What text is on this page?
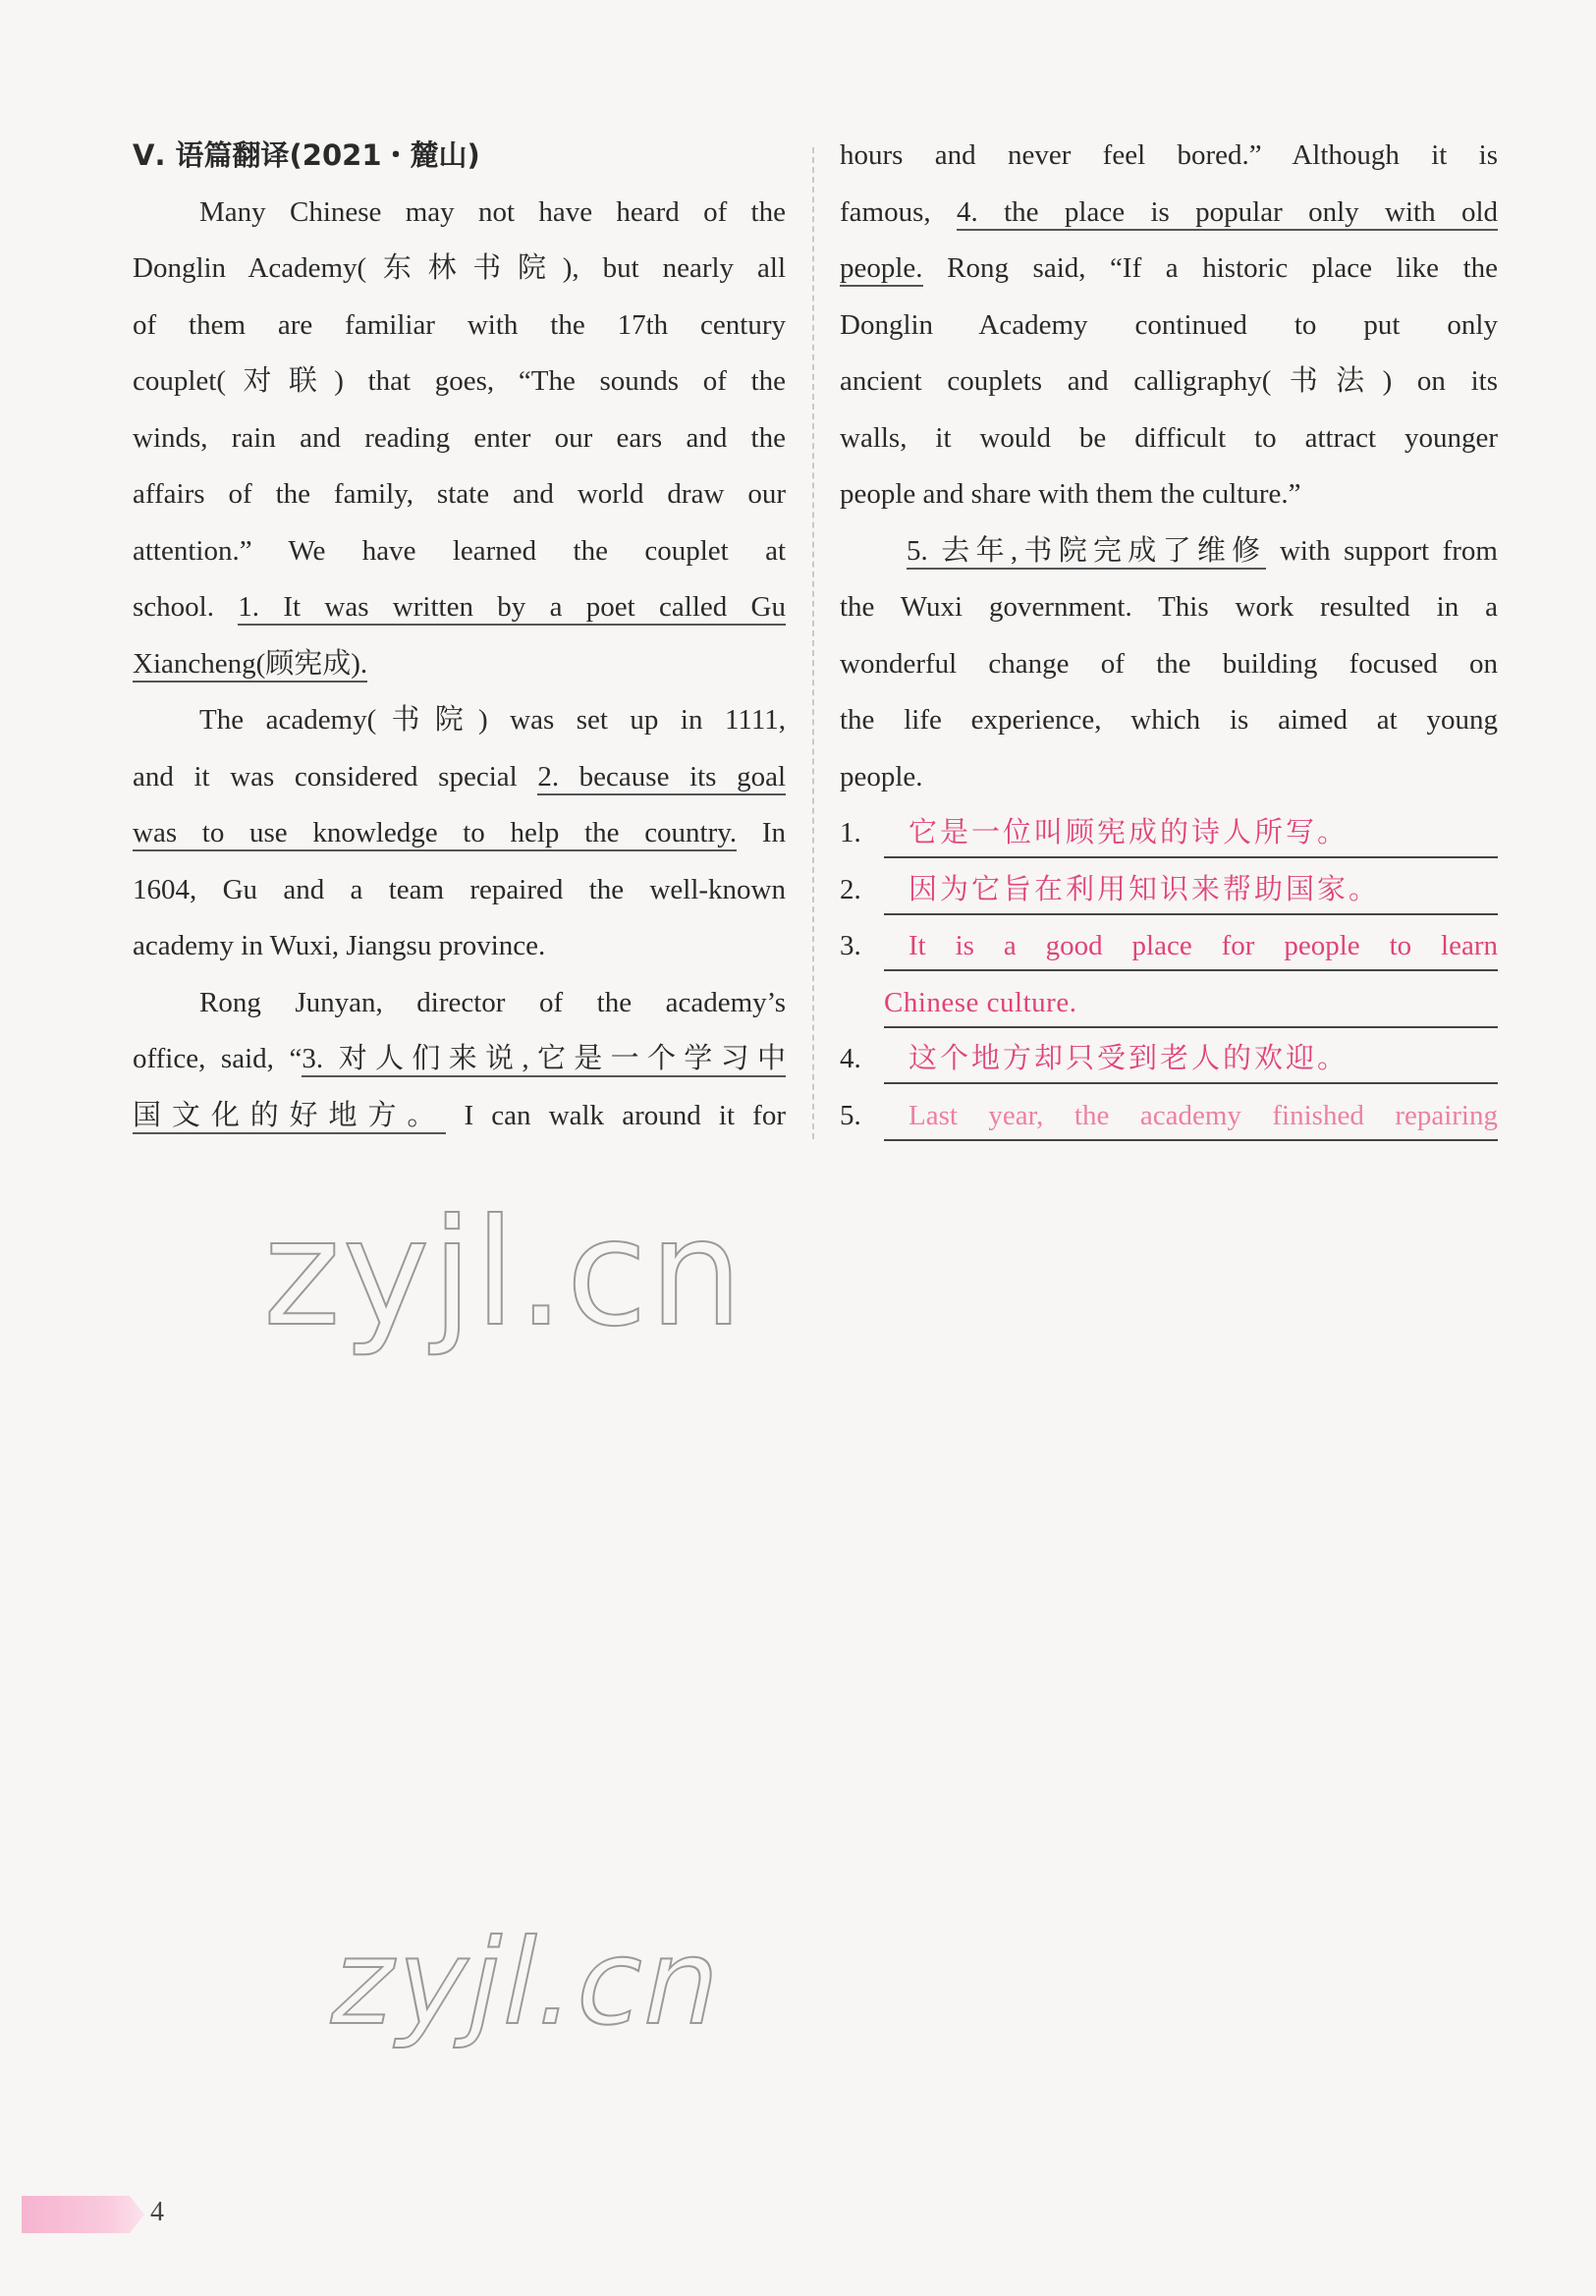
Ⅴ. 语篇翻译(2021・麓山)
Many Chinese may not have heard of the
Donglin Academy(东林书院), but nearly all
of them are familiar with the 17th century
couplet(对联) that goes, “The sounds of the
winds, rain and reading enter our ears and the
affairs of the family, state and world draw our
attention.” We have learned the couplet at
school. 1. It was written by a poet called Gu
Xiancheng(顾宪成).
The academy(书院) was set up in 1111,
and it was considered special 2. because its goal
was to use knowledge to help the country. In
1604, Gu and a team repaired the well-known
academy in Wuxi, Jiangsu province.
Rong Junyan, director of the academy’s
office, said, “3. 对人们来说,它是一个学习中
国文化的好地方。 I can walk around it for
hours and never feel bored.” Although it is
famous, 4. the place is popular only with old
people. Rong said, “If a historic place like the
Donglin Academy continued to put only
ancient couplets and calligraphy(书法) on its
walls, it would be difficult to attract younger
people and share with them the culture.”
5. 去年,书院完成了维修 with support from
the Wuxi government. This work resulted in a
wonderful change of the building focused on
the life experience, which is aimed at young
people.
1.	它是一位叫顾宪成的诗人所写。
2.	因为它旨在利用知识来帮助国家。
3.	It is a good place for people to learn
Chinese culture.
4.	这个地方却只受到老人的欢迎。
5.	Last year, the academy finished repairing
zyjl.cn
zyjl.cn
4
